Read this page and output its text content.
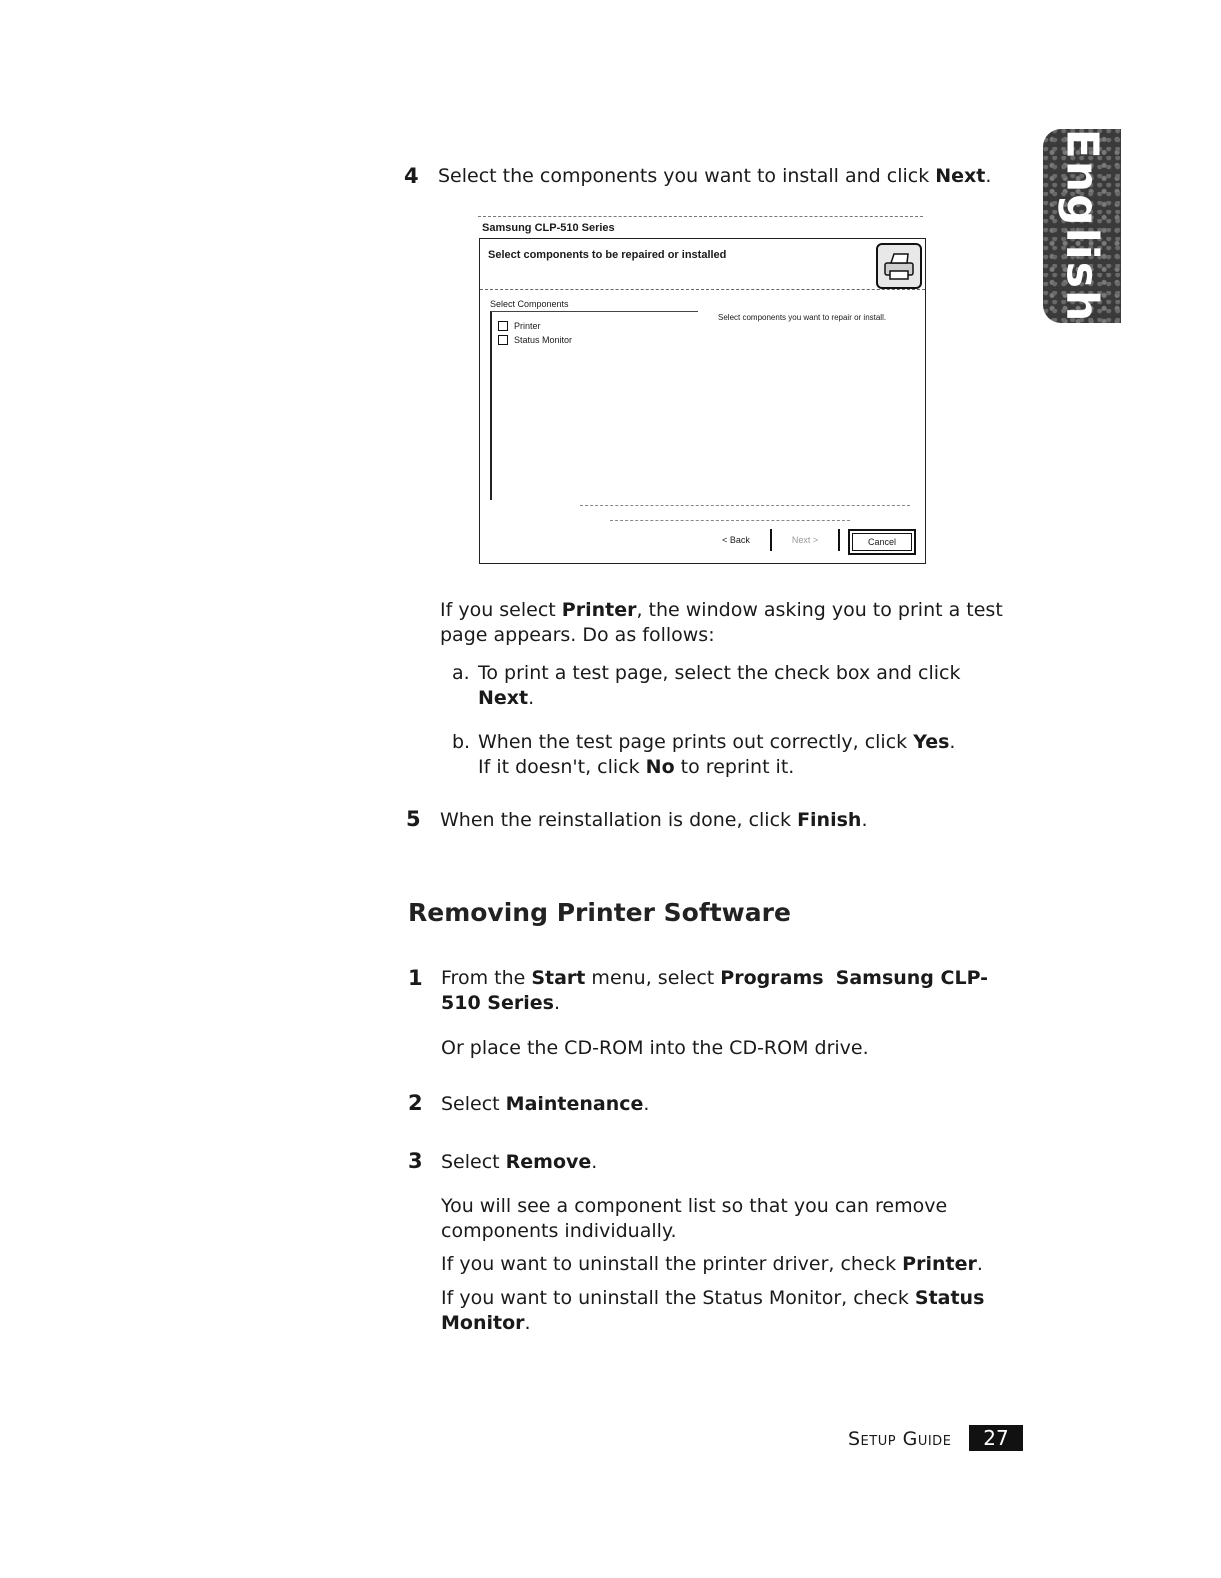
English
4 Select the components you want to install and click Next.
Samsung CLP-510 Series
Select components to be repaired or installed
Select Components
Printer
Status Monitor
Select components you want to repair or install.
< Back	Next >	Cancel
If you select Printer, the window asking you to print a test page appears. Do as follows:
a. To print a test page, select the check box and click
Next.
b. When the test page prints out correctly, click Yes.
If it doesn't, click No to reprint it.
5 When the reinstallation is done, click Finish.
Removing Printer Software
1 From the Start menu, select Programs Samsung CLP-
510 Series.
Or place the CD-ROM into the CD-ROM drive.
2 Select Maintenance.
3 Select Remove.
You will see a component list so that you can remove
components individually.
If you want to uninstall the printer driver, check Printer.
If you want to uninstall the Status Monitor, check Status
Monitor.
Setup Guide	27
